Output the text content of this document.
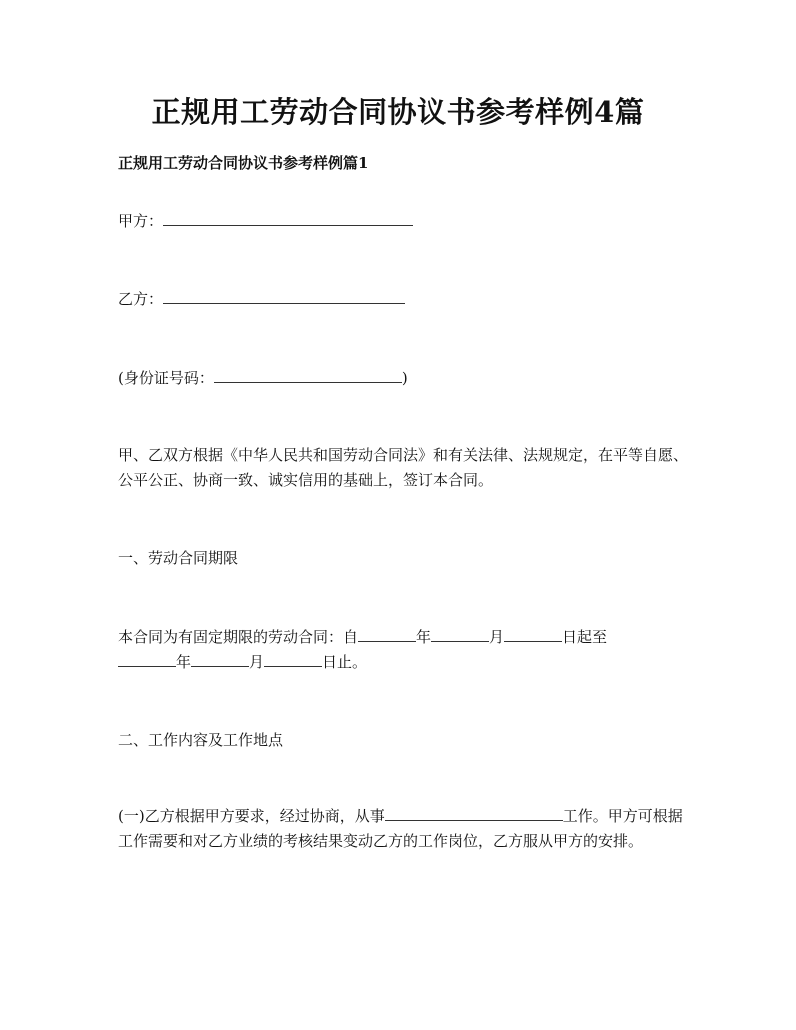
正规用工劳动合同协议书参考样例4篇
正规用工劳动合同协议书参考样例篇1
甲方：
乙方：
(身份证号码：	)
甲、乙双方根据《中华人民共和国劳动合同法》和有关法律、法规规定，在平等自愿、公平公正、协商一致、诚实信用的基础上，签订本合同。
一、劳动合同期限
本合同为有固定期限的劳动合同：自	年	月	日起至
年	月	日止。
二、工作内容及工作地点
(一)乙方根据甲方要求，经过协商，从事	工作。甲方可根据工作需要和对乙方业绩的考核结果变动乙方的工作岗位，乙方服从甲方的安排。
